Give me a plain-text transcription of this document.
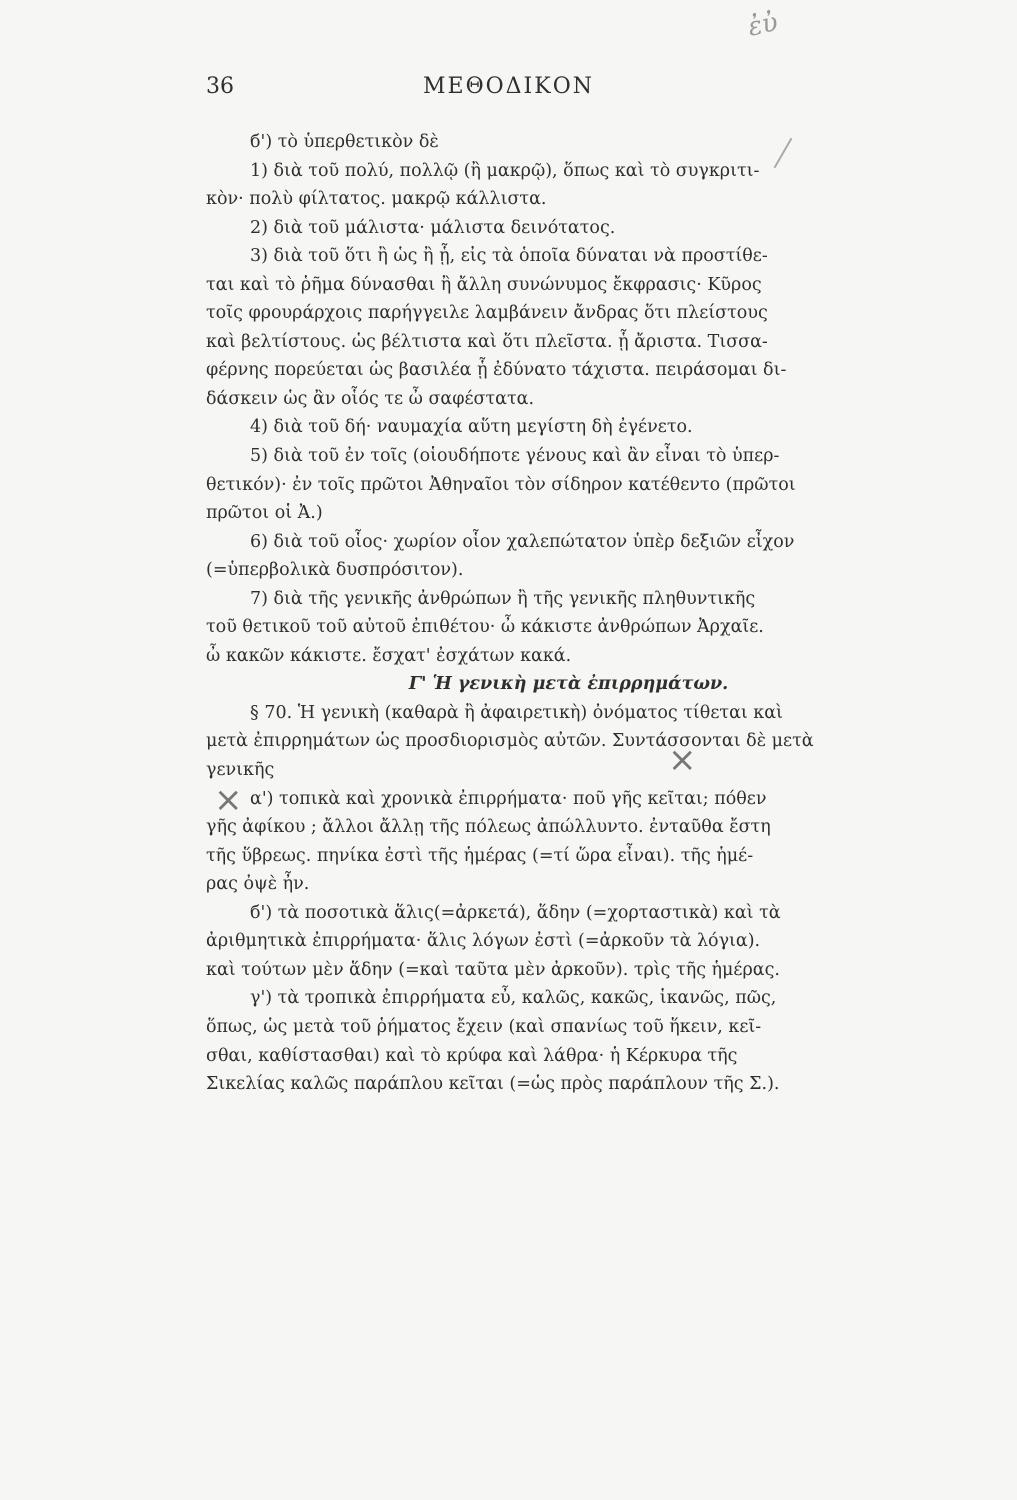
36	ΜΕΘΟΔΙΚΟΝ
ἐὐ
б') τὸ ὑπερθετικὸν δὲ
1) διὰ τοῦ πολύ, πολλῷ (ἢ μακρῷ), ὅπως καὶ τὸ συγκριτι-
κὸν· πολὺ φίλτατος. μακρῷ κάλλιστα.
2) διὰ τοῦ μάλιστα· μάλιστα δεινότατος.
3) διὰ τοῦ ὅτι ἢ ὡς ἢ ᾗ, εἰς τὰ ὁποῖα δύναται νὰ προστίθε-
ται καὶ τὸ ῥῆμα δύνασθαι ἢ ἄλλη συνώνυμος ἔκφρασις· Κῦρος
τοῖς φρουράρχοις παρήγγειλε λαμβάνειν ἄνδρας ὅτι πλείστους
καὶ βελτίστους. ὡς βέλτιστα καὶ ὅτι πλεῖστα. ᾗ ἄριστα. Τισσα-
φέρνης πορεύεται ὡς βασιλέα ᾗ ἐδύνατο τάχιστα. πειράσομαι δι-
δάσκειν ὡς ἂν οἷός τε ὦ σαφέστατα.
4) διὰ τοῦ δή· ναυμαχία αὕτη μεγίστη δὴ ἐγένετο.
5) διὰ τοῦ ἐν τοῖς (οἱουδήποτε γένους καὶ ἂν εἶναι τὸ ὑπερ-
θετικόν)· ἐν τοῖς πρῶτοι Ἀθηναῖοι τὸν σίδηρον κατέθεντο (πρῶτοι
πρῶτοι οἱ Ἀ.)
6) διὰ τοῦ οἷος· χωρίον οἷον χαλεπώτατον ὑπὲρ δεξιῶν εἶχον
(=ὑπερβολικὰ δυσπρόσιτον).
7) διὰ τῆς γενικῆς ἀνθρώπων ἢ τῆς γενικῆς πληθυντικῆς
τοῦ θετικοῦ τοῦ αὐτοῦ ἐπιθέτου· ὦ κάκιστε ἀνθρώπων Ἀρχαῖε.
ὦ κακῶν κάκιστε. ἔσχατ' ἐσχάτων κακά.
Γ' Ἡ γενικὴ μετὰ ἐπιρρημάτων.
§ 70. Ἡ γενικὴ (καθαρὰ ἢ ἀφαιρετικὴ) ὀνόματος τίθεται καὶ
μετὰ ἐπιρρημάτων ὡς προσδιορισμὸς αὐτῶν. Συντάσσονται δὲ μετὰ
γενικῆς
α') τοπικὰ καὶ χρονικὰ ἐπιρρήματα· ποῦ γῆς κεῖται; πόθεν
γῆς ἀφίκου ; ἄλλοι ἄλλῃ τῆς πόλεως ἀπώλλυντο. ἐνταῦθα ἔστη
τῆς ὕβρεως. πηνίκα ἐστὶ τῆς ἡμέρας (=τί ὥρα εἶναι). τῆς ἡμέ-
ρας ὀψὲ ἦν.
б') τὰ ποσοτικὰ ἅλις(=ἀρκετά), ἅδην (=χορταστικὰ) καὶ τὰ
ἀριθμητικὰ ἐπιρρήματα· ἅλις λόγων ἐστὶ (=ἀρκοῦν τὰ λόγια).
καὶ τούτων μὲν ἅδην (=καὶ ταῦτα μὲν ἀρκοῦν). τρὶς τῆς ἡμέρας.
γ') τὰ τροπικὰ ἐπιρρήματα εὖ, καλῶς, κακῶς, ἱκανῶς, πῶς,
ὅπως, ὡς μετὰ τοῦ ῥήματος ἔχειν (καὶ σπανίως τοῦ ἥκειν, κεῖ-
σθαι, καθίστασθαι) καὶ τὸ κρύφα καὶ λάθρα· ἡ Κέρκυρα τῆς
Σικελίας καλῶς παράπλου κεῖται (=ὡς πρὸς παράπλουν τῆς Σ.).
×
×
